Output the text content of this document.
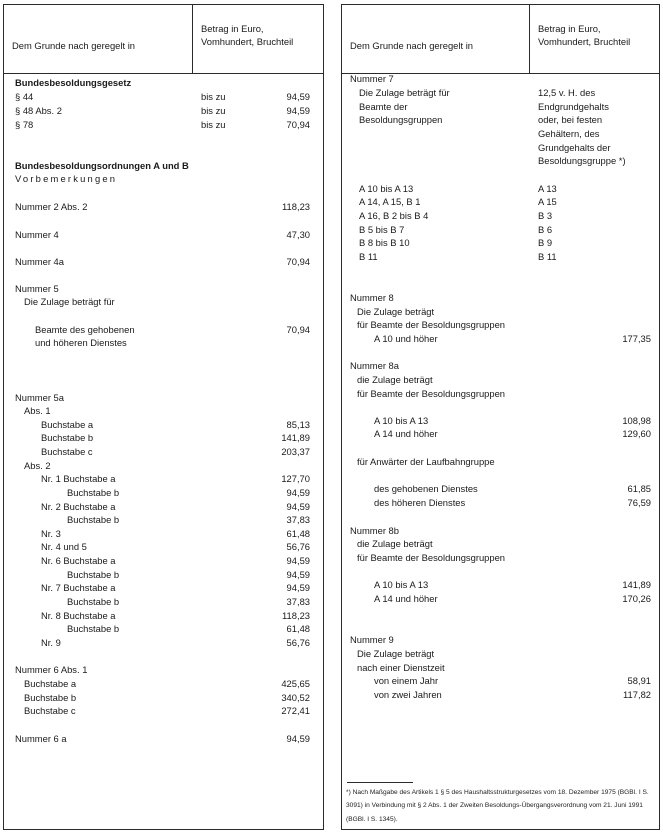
Dem Grunde nach geregelt in
Betrag in Euro,
Vomhundert, Bruchteil
Bundesbesoldungsgesetz
§ 44	bis zu	94,59
§ 48 Abs. 2	bis zu	94,59
§ 78	bis zu	70,94
Bundesbesoldungsordnungen A und B
Vorbemerkungen
Nummer 2 Abs. 2	118,23
Nummer 4	47,30
Nummer 4a	70,94
Nummer 5
Die Zulage beträgt für
Beamte des gehobenen	70,94
und höheren Dienstes
Nummer 5a
Abs. 1
Buchstabe a	85,13
Buchstabe b	141,89
Buchstabe c	203,37
Abs. 2
Nr. 1 Buchstabe a	127,70
Buchstabe b	94,59
Nr. 2 Buchstabe a	94,59
Buchstabe b	37,83
Nr. 3	61,48
Nr. 4 und 5	56,76
Nr. 6 Buchstabe a	94,59
Buchstabe b	94,59
Nr. 7 Buchstabe a	94,59
Buchstabe b	37,83
Nr. 8 Buchstabe a	118,23
Buchstabe b	61,48
Nr. 9	56,76
Nummer 6 Abs. 1
Buchstabe a	425,65
Buchstabe b	340,52
Buchstabe c	272,41
Nummer 6 a	94,59
Dem Grunde nach geregelt in
Betrag in Euro,
Vomhundert, Bruchteil
Nummer 7
Die Zulage beträgt für	12,5 v. H. des
Beamte der	Endgrundgehalts
Besoldungsgruppen	oder, bei festen
Gehältern, des
Grundgehalts der
Besoldungsgruppe *)
A 10 bis A 13	A 13
A 14, A 15, B 1	A 15
A 16, B 2 bis B 4	B 3
B 5 bis B 7	B 6
B 8 bis B 10	B 9
B 11	B 11
Nummer 8
Die Zulage beträgt
für Beamte der Besoldungsgruppen
A 10 und höher	177,35
Nummer 8a
die Zulage beträgt
für Beamte der Besoldungsgruppen
A 10 bis A 13	108,98
A 14 und höher	129,60
für Anwärter der Laufbahngruppe
des gehobenen Dienstes	61,85
des höheren Dienstes	76,59
Nummer 8b
die Zulage beträgt
für Beamte der Besoldungsgruppen
A 10 bis A 13	141,89
A 14 und höher	170,26
Nummer 9
Die Zulage beträgt
nach einer Dienstzeit
von einem Jahr	58,91
von zwei Jahren	117,82
*) Nach Maßgabe des Artikels 1 § 5 des Haushaltsstrukturgesetzes vom 18. Dezember 1975 (BGBl. I S. 3091) in Verbindung mit § 2 Abs. 1 der Zweiten Besoldungs-Übergangsverordnung vom 21. Juni 1991 (BGBl. I S. 1345).
